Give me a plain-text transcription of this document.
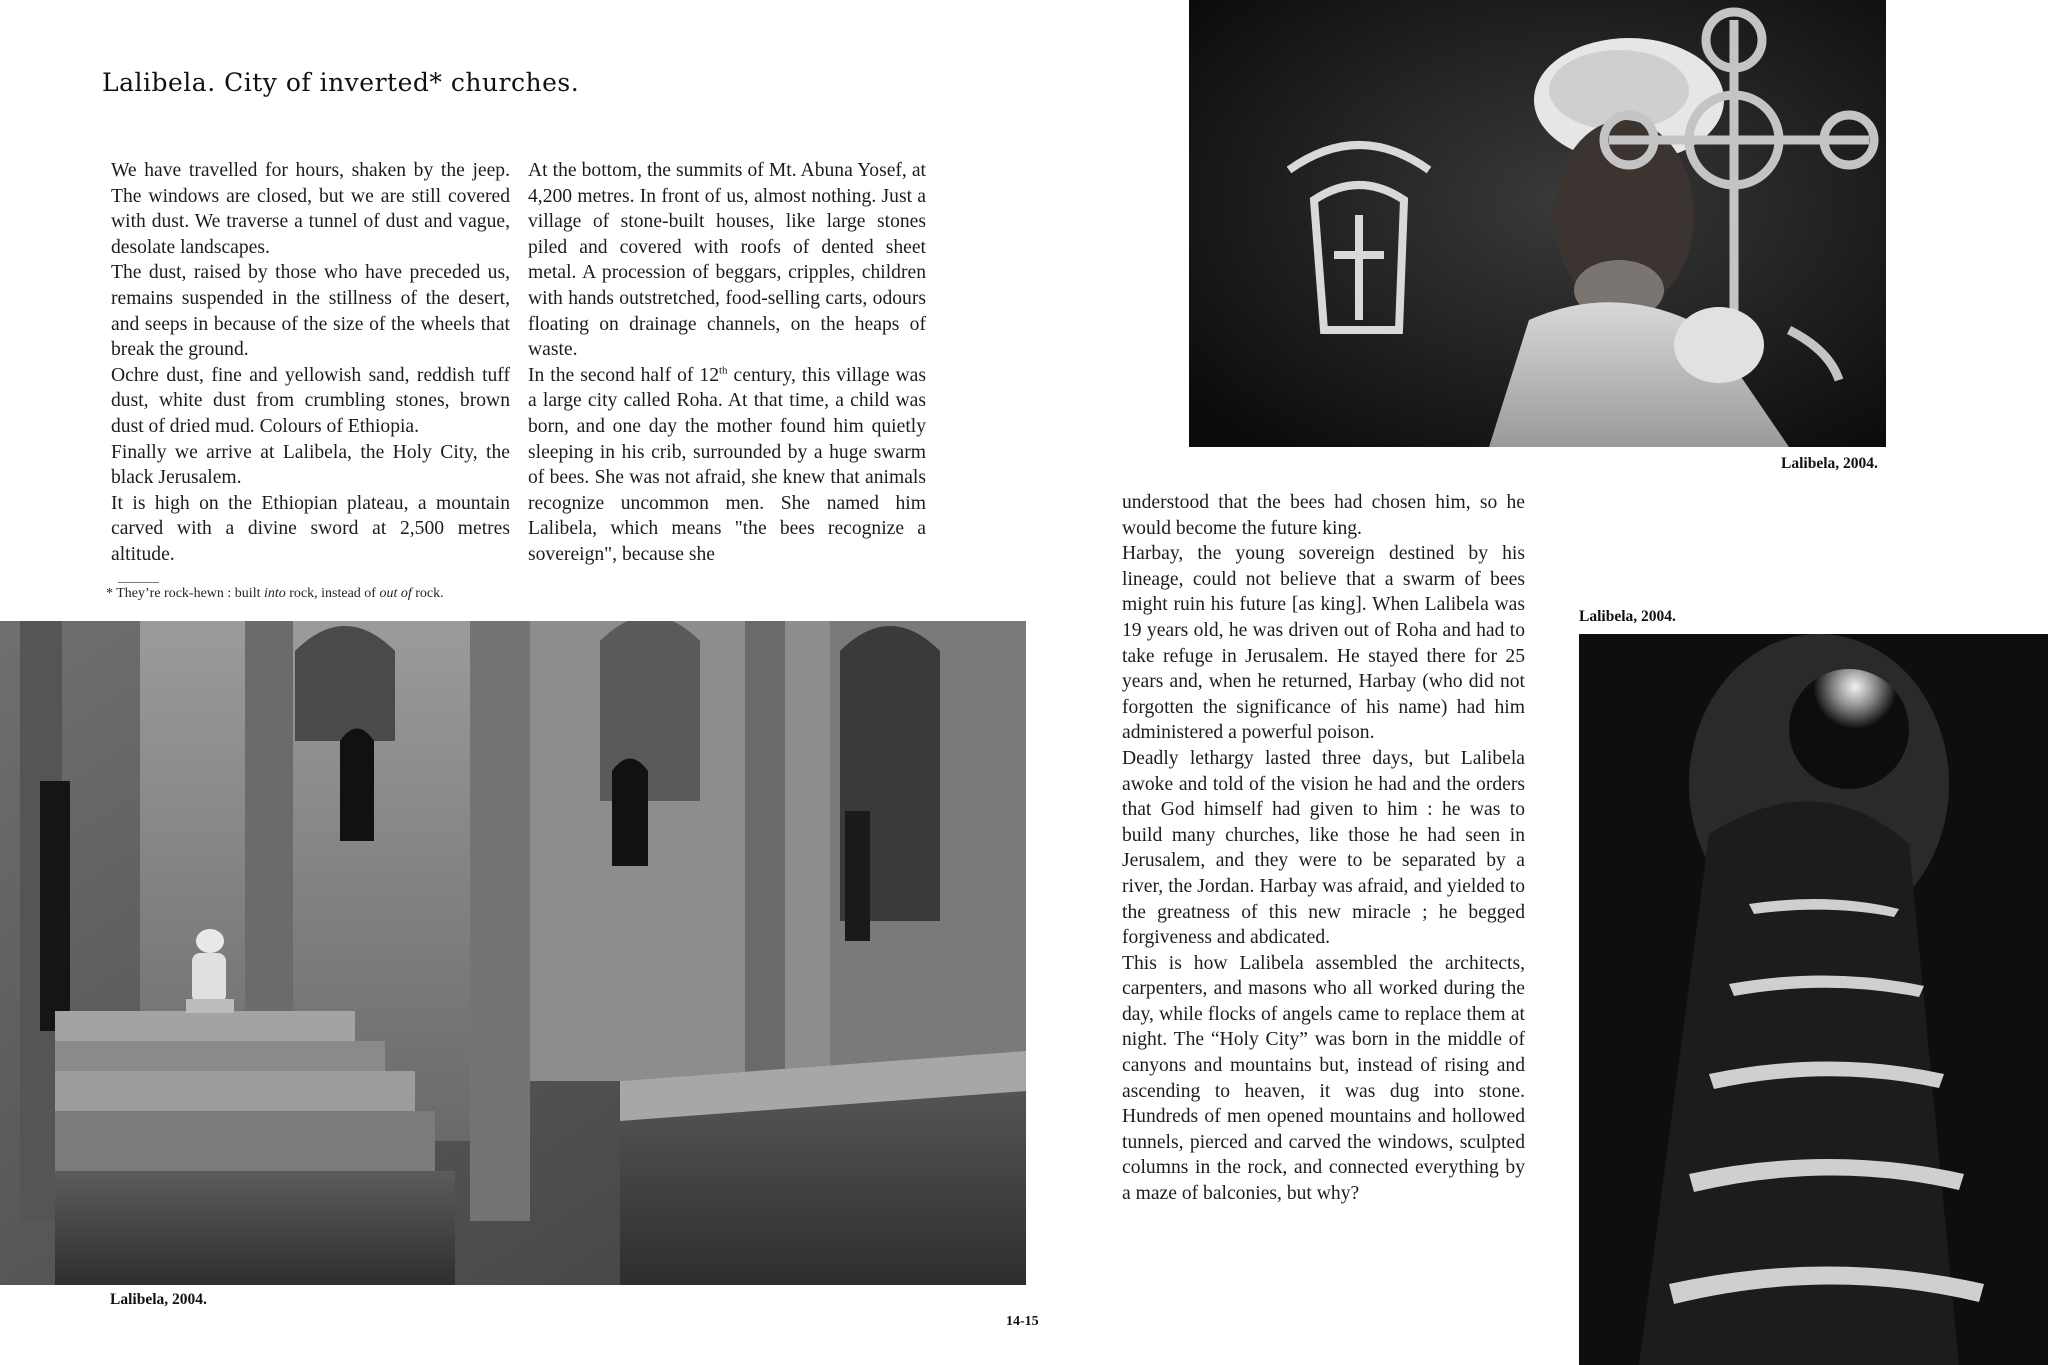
Lalibela. City of inverted* churches.

We have travelled for hours, shaken by the jeep. The windows are closed, but we are still covered with dust. We traverse a tunnel of dust and vague, desolate landscapes.

The dust, raised by those who have preceded us, remains suspended in the stillness of the desert, and seeps in because of the size of the wheels that break the ground.

Ochre dust, fine and yellowish sand, reddish tuff dust, white dust from crumbling stones, brown dust of dried mud. Colours of Ethiopia.

Finally we arrive at Lalibela, the Holy City, the black Jerusalem.

It is high on the Ethiopian plateau, a mountain carved with a divine sword at 2,500 metres altitude.

At the bottom, the summits of Mt. Abuna Yosef, at 4,200 metres. In front of us, almost nothing. Just a village of stone-built houses, like large stones piled and covered with roofs of dented sheet metal. A procession of beggars, cripples, children with hands outstretched, food-selling carts, odours floating on drainage channels, on the heaps of waste.

In the second half of 12th century, this village was a large city called Roha. At that time, a child was born, and one day the mother found him quietly sleeping in his crib, surrounded by a huge swarm of bees. She was not afraid, she knew that animals recognize uncommon men. She named him Lalibela, which means "the bees recognize a sovereign", because she

* They’re rock-hewn : built into rock, instead of out of rock.

understood that the bees had chosen him, so he would become the future king.

Harbay, the young sovereign destined by his lineage, could not believe that a swarm of bees might ruin his future [as king]. When Lalibela was 19 years old, he was driven out of Roha and had to take refuge in Jerusalem. He stayed there for 25 years and, when he returned, Harbay (who did not forgotten the significance of his name) had him administered a powerful poison.

Deadly lethargy lasted three days, but Lalibela awoke and told of the vision he had and the orders that God himself had given to him : he was to build many churches, like those he had seen in Jerusalem, and they were to be separated by a river, the Jordan. Harbay was afraid, and yielded to the greatness of this new miracle ; he begged forgiveness and abdicated.

This is how Lalibela assembled the architects, carpenters, and masons who all worked during the day, while flocks of angels came to replace them at night. The “Holy City” was born in the middle of canyons and mountains but, instead of rising and ascending to heaven, it was dug into stone. Hundreds of men opened mountains and hollowed tunnels, pierced and carved the windows, sculpted columns in the rock, and connected everything by a maze of balconies, but why?

Lalibela, 2004.
Lalibela, 2004.
Lalibela, 2004.
14-15
